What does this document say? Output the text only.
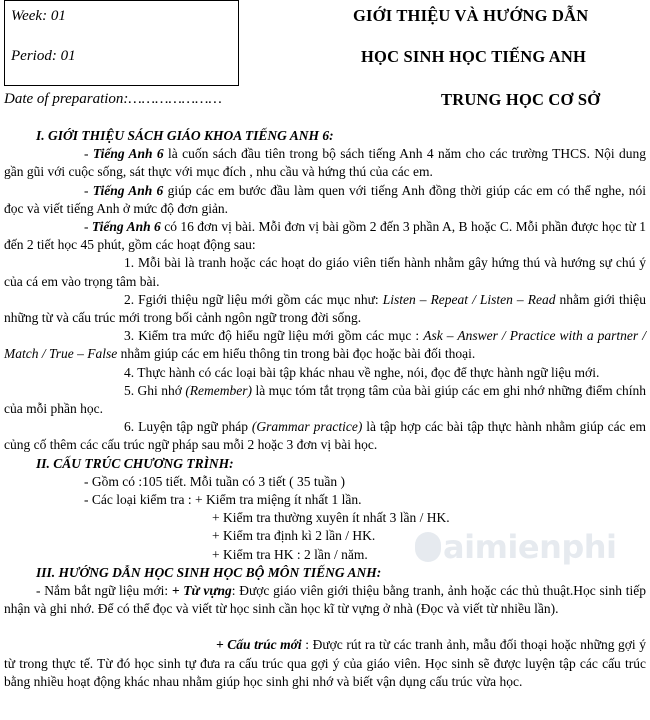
Week: 01
Period: 01
GIỚI THIỆU VÀ HƯỚNG DẪN
HỌC SINH HỌC TIẾNG ANH
TRUNG HỌC CƠ SỞ
Date of preparation:…………………

I. GIỚI THIỆU SÁCH GIÁO KHOA TIẾNG ANH 6:

- Tiếng Anh 6 là cuốn sách đầu tiên trong bộ sách tiếng Anh 4 năm cho các trường THCS. Nội dung gần gũi với cuộc sống, sát thực với mục đích , nhu cầu và hứng thú của các em.

- Tiếng Anh 6 giúp các em bước đầu làm quen với tiếng Anh đồng thời giúp các em có thể nghe, nói đọc và viết tiếng Anh ở mức độ đơn giản.

- Tiếng Anh 6 có 16 đơn vị bài. Mỗi đơn vị bài gồm 2 đến 3 phần A, B hoặc C. Mỗi phần được học từ 1 đến 2 tiết học 45 phút, gồm các hoạt động sau:

1. Mỗi bài là tranh hoặc các hoạt do giáo viên tiến hành nhằm gây hứng thú và hướng sự chú ý của cá em vào trọng tâm bài.

2. Fgiới thiệu ngữ liệu mới gồm các mục như: Listen – Repeat / Listen – Read nhằm giới thiệu những từ và cấu trúc mới trong bối cảnh ngôn ngữ trong đời sống.

3. Kiểm tra mức độ hiểu ngữ liệu mới gồm các mục : Ask – Answer / Practice with a partner / Match / True – False nhằm giúp các em hiểu thông tin trong bài đọc hoặc bài đối thoại.

4. Thực hành có các loại bài tập khác nhau về nghe, nói, đọc để thực hành ngữ liệu mới.

5. Ghi nhớ (Remember) là mục tóm tắt trọng tâm của bài giúp các em ghi nhớ những điểm chính của mỗi phần học.

6. Luyện tập ngữ pháp (Grammar practice) là tập hợp các bài tập thực hành nhằm giúp các em củng cố thêm các cấu trúc ngữ pháp sau mỗi 2 hoặc 3 đơn vị bài học.

II. CẤU TRÚC CHƯƠNG TRÌNH:

- Gồm có :105 tiết. Mỗi tuần có 3 tiết ( 35 tuần )

- Các loại kiểm tra : + Kiểm tra miệng ít nhất 1 lần.

+ Kiểm tra thường xuyên ít nhất 3 lần / HK.

+ Kiểm tra định kì 2 lần / HK.

+ Kiểm tra HK : 2 lần / năm.

III. HƯỚNG DẪN HỌC SINH HỌC BỘ MÔN TIẾNG ANH:

- Nắm bắt ngữ liệu mới: + Từ vựng: Được giáo viên giới thiệu bằng tranh, ảnh hoặc các thủ thuật.Học sinh tiếp nhận và ghi nhớ. Để có thể đọc và viết từ học sinh cần học kĩ từ vựng ở nhà (Đọc và viết từ nhiều lần).

+ Cấu trúc mới : Được rút ra từ các tranh ảnh, mẫu đối thoại hoặc những gợi ý từ trong thực tế. Từ đó học sinh tự đưa ra cấu trúc qua gợi ý của giáo viên. Học sinh sẽ được luyện tập các cấu trúc bằng nhiều hoạt động khác nhau nhằm giúp học sinh ghi nhớ và biết vận dụng cấu trúc vừa học.

aimienphi
